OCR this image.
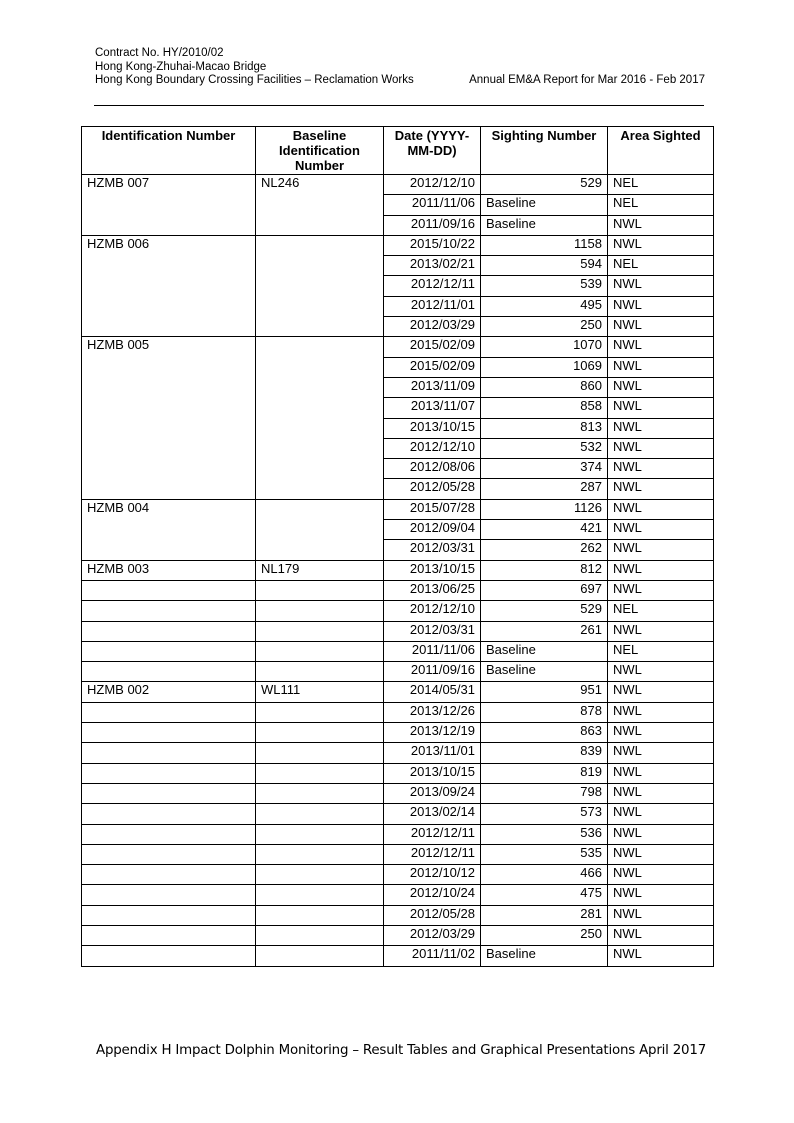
Contract No. HY/2010/02
Hong Kong-Zhuhai-Macao Bridge
Hong Kong Boundary Crossing Facilities – Reclamation Works	Annual EM&A Report for Mar 2016 - Feb 2017
Identification Number	Baseline Identification Number	Date (YYYY-MM-DD)	Sighting Number	Area Sighted
HZMB 007	NL246	2012/12/10	529	NEL
		2011/11/06	Baseline	NEL
		2011/09/16	Baseline	NWL
HZMB 006		2015/10/22	1158	NWL
		2013/02/21	594	NEL
		2012/12/11	539	NWL
		2012/11/01	495	NWL
		2012/03/29	250	NWL
HZMB 005		2015/02/09	1070	NWL
		2015/02/09	1069	NWL
		2013/11/09	860	NWL
		2013/11/07	858	NWL
		2013/10/15	813	NWL
		2012/12/10	532	NWL
		2012/08/06	374	NWL
		2012/05/28	287	NWL
HZMB 004		2015/07/28	1126	NWL
		2012/09/04	421	NWL
		2012/03/31	262	NWL
HZMB 003	NL179	2013/10/15	812	NWL
		2013/06/25	697	NWL
		2012/12/10	529	NEL
		2012/03/31	261	NWL
		2011/11/06	Baseline	NEL
		2011/09/16	Baseline	NWL
HZMB 002	WL111	2014/05/31	951	NWL
		2013/12/26	878	NWL
		2013/12/19	863	NWL
		2013/11/01	839	NWL
		2013/10/15	819	NWL
		2013/09/24	798	NWL
		2013/02/14	573	NWL
		2012/12/11	536	NWL
		2012/12/11	535	NWL
		2012/10/12	466	NWL
		2012/10/24	475	NWL
		2012/05/28	281	NWL
		2012/03/29	250	NWL
		2011/11/02	Baseline	NWL
Appendix H Impact Dolphin Monitoring – Result Tables and Graphical Presentations April 2017
